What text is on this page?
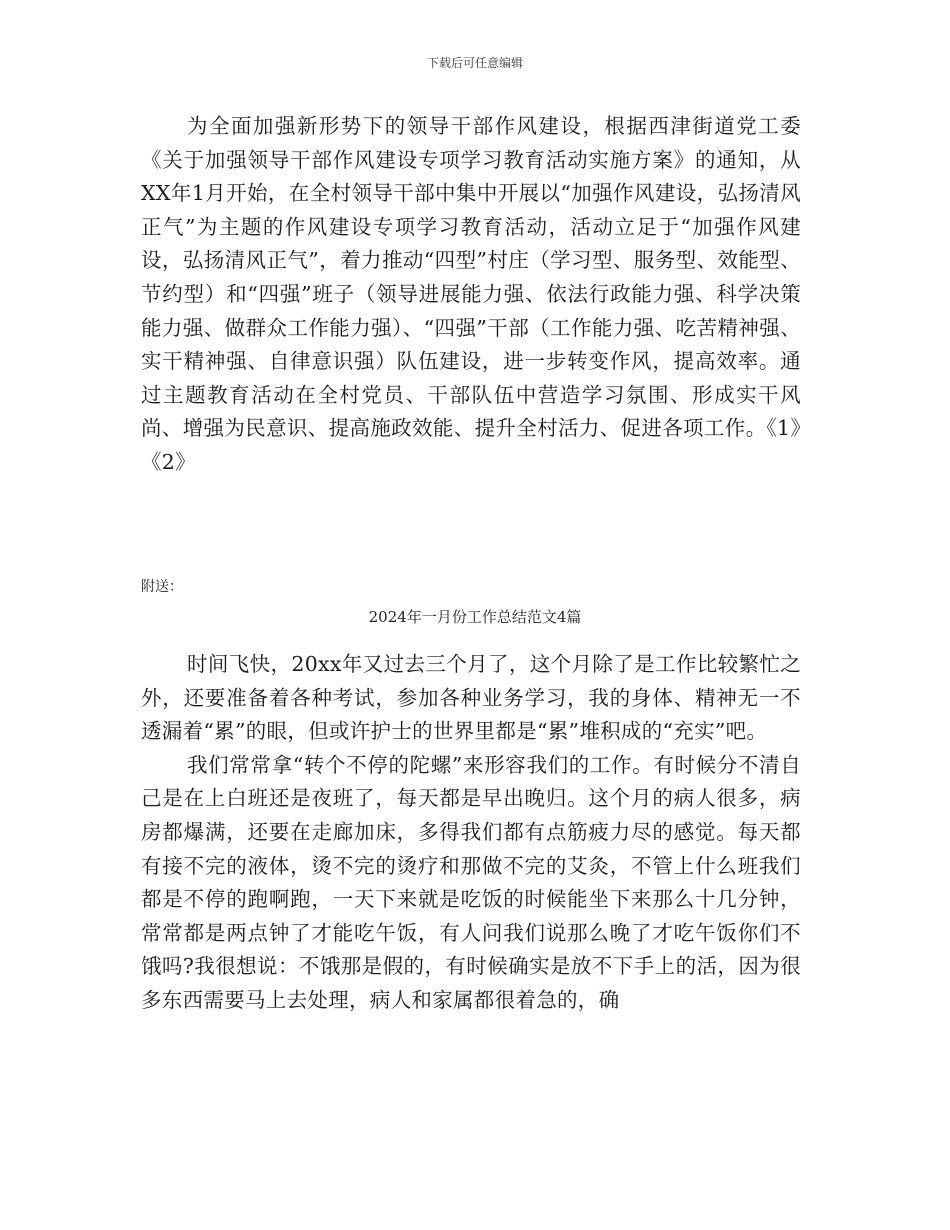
下载后可任意编辑

为全面加强新形势下的领导干部作风建设，根据西津街道党工委《关于加强领导干部作风建设专项学习教育活动实施方案》的通知，从XX年1月开始，在全村领导干部中集中开展以“加强作风建设，弘扬清风正气”为主题的作风建设专项学习教育活动，活动立足于“加强作风建设，弘扬清风正气”，着力推动“四型”村庄（学习型、服务型、效能型、节约型）和“四强”班子（领导进展能力强、依法行政能力强、科学决策能力强、做群众工作能力强）、“四强”干部（工作能力强、吃苦精神强、实干精神强、自律意识强）队伍建设，进一步转变作风，提高效率。通过主题教育活动在全村党员、干部队伍中营造学习氛围、形成实干风尚、增强为民意识、提高施政效能、提升全村活力、促进各项工作。《1》《2》

附送：
2024年一月份工作总结范文4篇

时间飞快，20xx年又过去三个月了，这个月除了是工作比较繁忙之外，还要准备着各种考试，参加各种业务学习，我的身体、精神无一不透漏着“累”的眼，但或许护士的世界里都是“累”堆积成的“充实”吧。

我们常常拿“转个不停的陀螺”来形容我们的工作。有时候分不清自己是在上白班还是夜班了，每天都是早出晚归。这个月的病人很多，病房都爆满，还要在走廊加床，多得我们都有点筋疲力尽的感觉。每天都有接不完的液体，烫不完的烫疗和那做不完的艾灸，不管上什么班我们都是不停的跑啊跑，一天下来就是吃饭的时候能坐下来那么十几分钟，常常都是两点钟了才能吃午饭，有人问我们说那么晚了才吃午饭你们不饿吗?我很想说：不饿那是假的，有时候确实是放不下手上的活，因为很多东西需要马上去处理，病人和家属都很着急的，确
